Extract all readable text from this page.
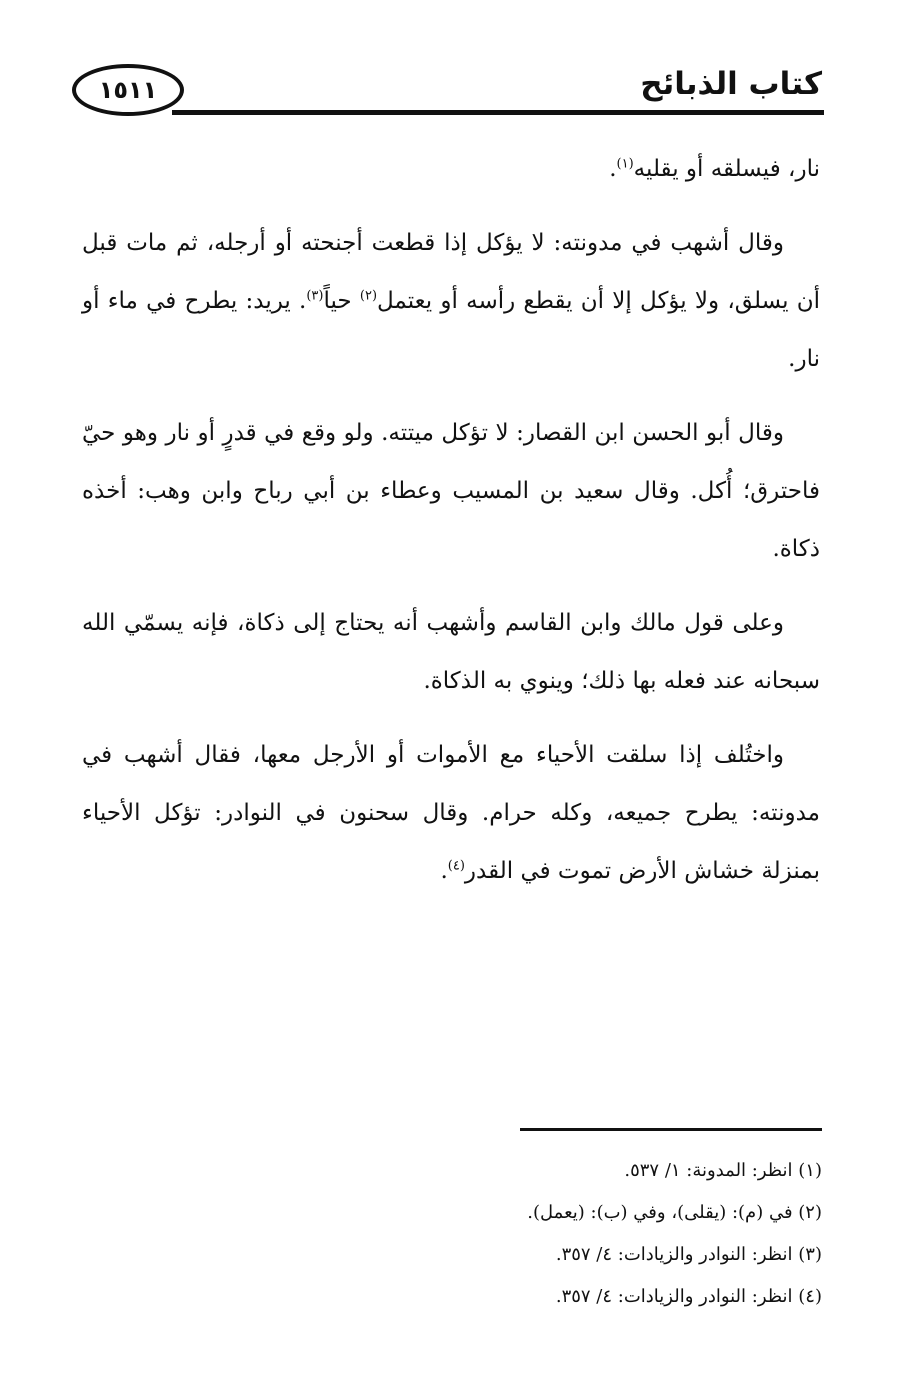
١٥١١	كتاب الذبائح

نار، فيسلقه أو يقليه$^{(١)}$.

وقال أشهب في مدونته: لا يؤكل إذا قطعت أجنحته أو أرجله، ثم مات قبل أن يسلق، ولا يؤكل إلا أن يقطع رأسه أو يعتمل$^{(٢)}$ حياً$^{(٣)}$. يريد: يطرح في ماء أو نار.

وقال أبو الحسن ابن القصار: لا تؤكل ميتته. ولو وقع في قدرٍ أو نار وهو حيّ فاحترق؛ أُكل. وقال سعيد بن المسيب وعطاء بن أبي رباح وابن وهب: أخذه ذكاة.

وعلى قول مالك وابن القاسم وأشهب أنه يحتاج إلى ذكاة، فإنه يسمّي الله سبحانه عند فعله بها ذلك؛ وينوي به الذكاة.

واختُلف إذا سلقت الأحياء مع الأموات أو الأرجل معها، فقال أشهب في مدونته: يطرح جميعه، وكله حرام. وقال سحنون في النوادر: تؤكل الأحياء بمنزلة خشاش الأرض تموت في القدر$^{(٤)}$.

(١) انظر: المدونة: ١/ ٥٣٧.

(٢) في (م): (يقلى)، وفي (ب): (يعمل).

(٣) انظر: النوادر والزيادات: ٤/ ٣٥٧.

(٤) انظر: النوادر والزيادات: ٤/ ٣٥٧.
